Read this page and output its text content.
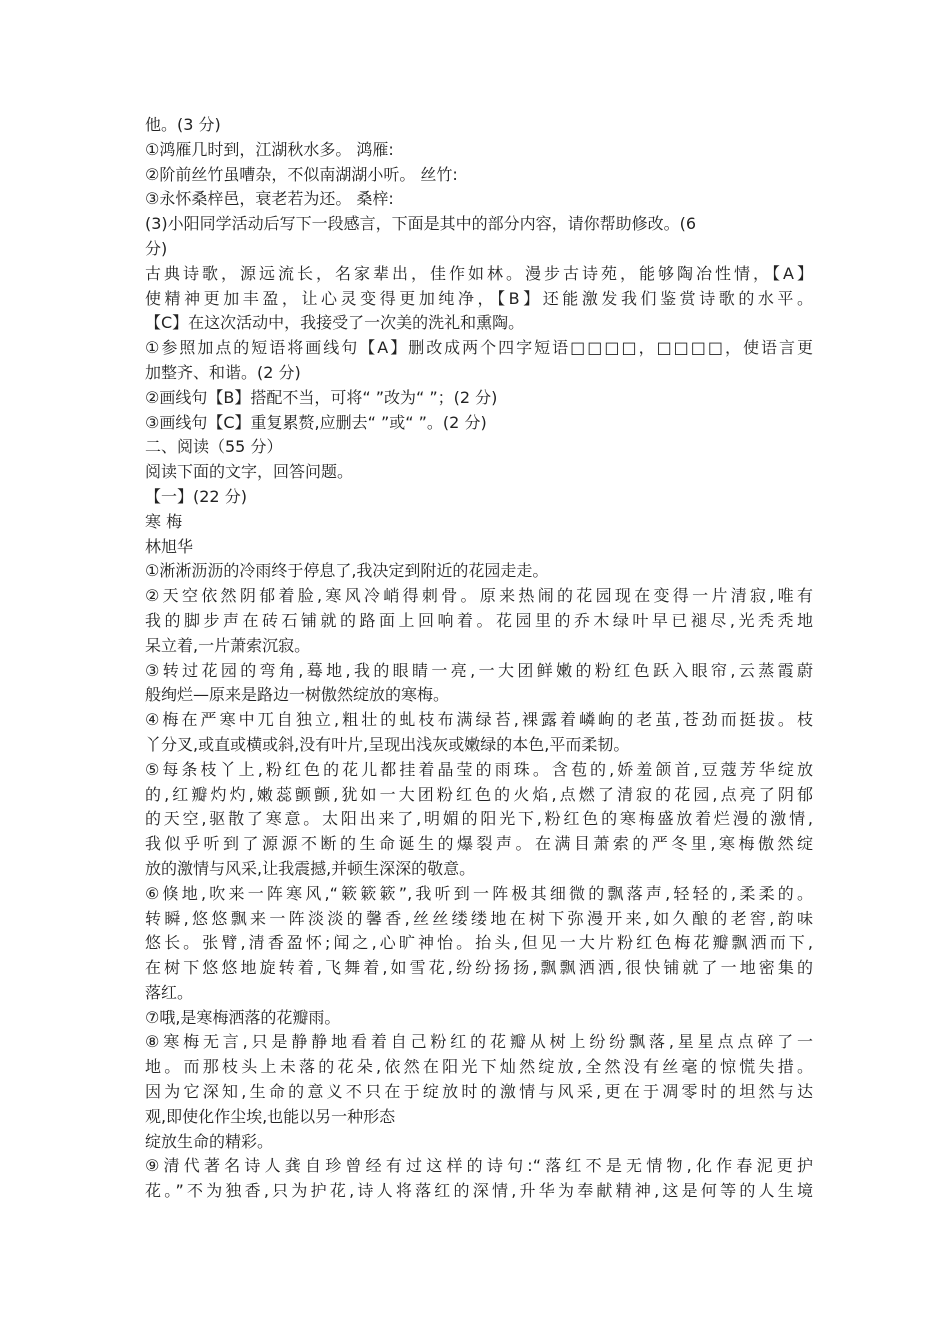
他。(3 分)
①鸿雁几时到，江湖秋水多。 鸿雁:
②阶前丝竹虽嘈杂，不似南湖湖小听。 丝竹:
③永怀桑梓邑，衰老若为还。 桑梓:
(3)小阳同学活动后写下一段感言，下面是其中的部分内容，请你帮助修改。(6
分)
古典诗歌，源远流长，名家辈出，佳作如林。漫步古诗苑，能够陶冶性情，【A】
使精神更加丰盈，让心灵变得更加纯净，【B】还能激发我们鉴赏诗歌的水平。
【C】在这次活动中，我接受了一次美的洗礼和熏陶。
①参照加点的短语将画线句【A】删改成两个四字短语□□□□，□□□□，使语言更
加整齐、和谐。(2 分)
②画线句【B】搭配不当，可将“ ”改为“ ”；(2 分)
③画线句【C】重复累赘,应删去“ ”或“ ”。(2 分)
二、阅读（55 分）
阅读下面的文字，回答问题。
【一】(22 分)
寒 梅
林旭华
①淅淅沥沥的冷雨终于停息了,我决定到附近的花园走走。
②天空依然阴郁着脸,寒风冷峭得刺骨。原来热闹的花园现在变得一片清寂,唯有
我的脚步声在砖石铺就的路面上回响着。花园里的乔木绿叶早已褪尽,光秃秃地
呆立着,一片萧索沉寂。
③转过花园的弯角,蓦地,我的眼睛一亮,一大团鲜嫩的粉红色跃入眼帘,云蒸霞蔚
般绚烂—原来是路边一树傲然绽放的寒梅。
④梅在严寒中兀自独立,粗壮的虬枝布满绿苔,裸露着嶙峋的老茧,苍劲而挺拔。枝
丫分叉,或直或横或斜,没有叶片,呈现出浅灰或嫩绿的本色,平而柔韧。
⑤每条枝丫上,粉红色的花儿都挂着晶莹的雨珠。含苞的,娇羞颌首,豆蔻芳华绽放
的,红瓣灼灼,嫩蕊颤颤,犹如一大团粉红色的火焰,点燃了清寂的花园,点亮了阴郁
的天空,驱散了寒意。太阳出来了,明媚的阳光下,粉红色的寒梅盛放着烂漫的激情,
我似乎听到了源源不断的生命诞生的爆裂声。在满目萧索的严冬里,寒梅傲然绽
放的激情与风采,让我震撼,并顿生深深的敬意。
⑥倏地,吹来一阵寒风,“簌簌簌”,我听到一阵极其细微的飘落声,轻轻的,柔柔的。
转瞬,悠悠飘来一阵淡淡的馨香,丝丝缕缕地在树下弥漫开来,如久酿的老窖,韵味
悠长。张臂,清香盈怀;闻之,心旷神怡。抬头,但见一大片粉红色梅花瓣飘洒而下,
在树下悠悠地旋转着,飞舞着,如雪花,纷纷扬扬,飘飘洒洒,很快铺就了一地密集的
落红。
⑦哦,是寒梅洒落的花瓣雨。
⑧寒梅无言,只是静静地看着自己粉红的花瓣从树上纷纷飘落,星星点点碎了一
地。而那枝头上未落的花朵,依然在阳光下灿然绽放,全然没有丝毫的惊慌失措。
因为它深知,生命的意义不只在于绽放时的激情与风采,更在于凋零时的坦然与达
观,即使化作尘埃,也能以另一种形态
绽放生命的精彩。
⑨清代著名诗人龚自珍曾经有过这样的诗句:“落红不是无情物,化作春泥更护
花。”不为独香,只为护花,诗人将落红的深情,升华为奉献精神,这是何等的人生境
